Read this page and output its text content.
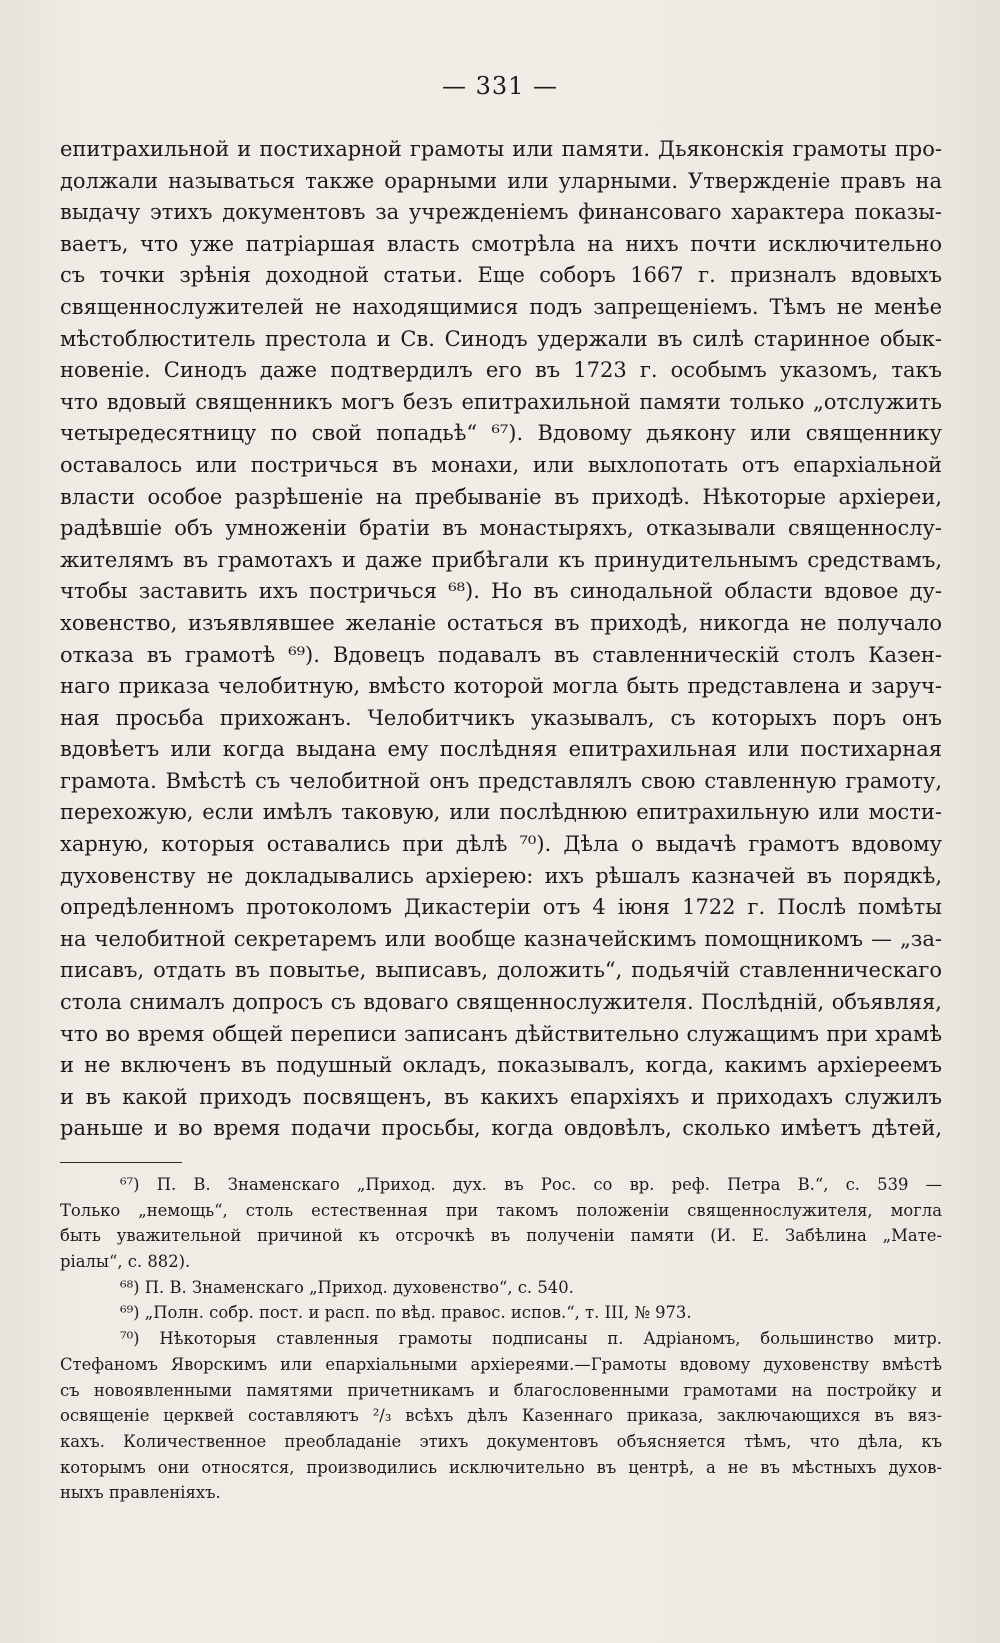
— 331 —
епитрахильной и постихарной грамоты или памяти. Дьяконскія грамоты про-
должали называться также орарными или уларными. Утвержденіе правъ на
выдачу этихъ документовъ за учрежденіемъ финансоваго характера показы-
ваетъ, что уже патріаршая власть смотрѣла на нихъ почти исключительно
съ точки зрѣнія доходной статьи. Еще соборъ 1667 г. призналъ вдовыхъ
священнослужителей не находящимися подъ запрещеніемъ. Тѣмъ не менѣе
мѣстоблюститель престола и Св. Синодъ удержали въ силѣ старинное обык-
новеніе. Синодъ даже подтвердилъ его въ 1723 г. особымъ указомъ, такъ
что вдовый священникъ могъ безъ епитрахильной памяти только „отслужить
четыредесятницу по свой попадьѣ“ ⁶⁷). Вдовому дьякону или священнику
оставалось или постричься въ монахи, или выхлопотать отъ епархіальной
власти особое разрѣшеніе на пребываніе въ приходѣ. Нѣкоторые архіереи,
радѣвшіе объ умноженіи братіи въ монастыряхъ, отказывали священнослу-
жителямъ въ грамотахъ и даже прибѣгали къ принудительнымъ средствамъ,
чтобы заставить ихъ постричься ⁶⁸). Но въ синодальной области вдовое ду-
ховенство, изъявлявшее желаніе остаться въ приходѣ, никогда не получало
отказа въ грамотѣ ⁶⁹). Вдовецъ подавалъ въ ставленническій столъ Казен-
наго приказа челобитную, вмѣсто которой могла быть представлена и заруч-
ная просьба прихожанъ. Челобитчикъ указывалъ, съ которыхъ поръ онъ
вдовѣетъ или когда выдана ему послѣдняя епитрахильная или постихарная
грамота. Вмѣстѣ съ челобитной онъ представлялъ свою ставленную грамоту,
перехожую, если имѣлъ таковую, или послѣднюю епитрахильную или мости-
харную, которыя оставались при дѣлѣ ⁷⁰). Дѣла о выдачѣ грамотъ вдовому
духовенству не докладывались архіерею: ихъ рѣшалъ казначей въ порядкѣ,
опредѣленномъ протоколомъ Дикастеріи отъ 4 іюня 1722 г. Послѣ помѣты
на челобитной секретаремъ или вообще казначейскимъ помощникомъ — „за-
писавъ, отдать въ повытье, выписавъ, доложить“, подьячій ставленническаго
стола снималъ допросъ съ вдоваго священнослужителя. Послѣдній, объявляя,
что во время общей переписи записанъ дѣйствительно служащимъ при храмѣ
и не включенъ въ подушный окладъ, показывалъ, когда, какимъ архіереемъ
и въ какой приходъ посвященъ, въ какихъ епархіяхъ и приходахъ служилъ
раньше и во время подачи просьбы, когда овдовѣлъ, сколько имѣетъ дѣтей,
⁶⁷) П. В. Знаменскаго „Приход. дух. въ Рос. со вр. реф. Петра В.“, с. 539 —
Только „немощь“, столь естественная при такомъ положеніи священнослужителя, могла
быть уважительной причиной къ отсрочкѣ въ полученіи памяти (И. Е. Забѣлина „Мате-
ріалы“, с. 882).
⁶⁸) П. В. Знаменскаго „Приход. духовенство“, с. 540.
⁶⁹) „Полн. собр. пост. и расп. по вѣд. правос. испов.“, т. III, № 973.
⁷⁰) Нѣкоторыя ставленныя грамоты подписаны п. Адріаномъ, большинство митр.
Стефаномъ Яворскимъ или епархіальными архіереями.—Грамоты вдовому духовенству вмѣстѣ
съ новоявленными памятями причетникамъ и благословенными грамотами на постройку и
освященіе церквей составляютъ ²/₃ всѣхъ дѣлъ Казеннаго приказа, заключающихся въ вяз-
кахъ. Количественное преобладаніе этихъ документовъ объясняется тѣмъ, что дѣла, къ
которымъ они относятся, производились исключительно въ центрѣ, а не въ мѣстныхъ духов-
ныхъ правленіяхъ.
